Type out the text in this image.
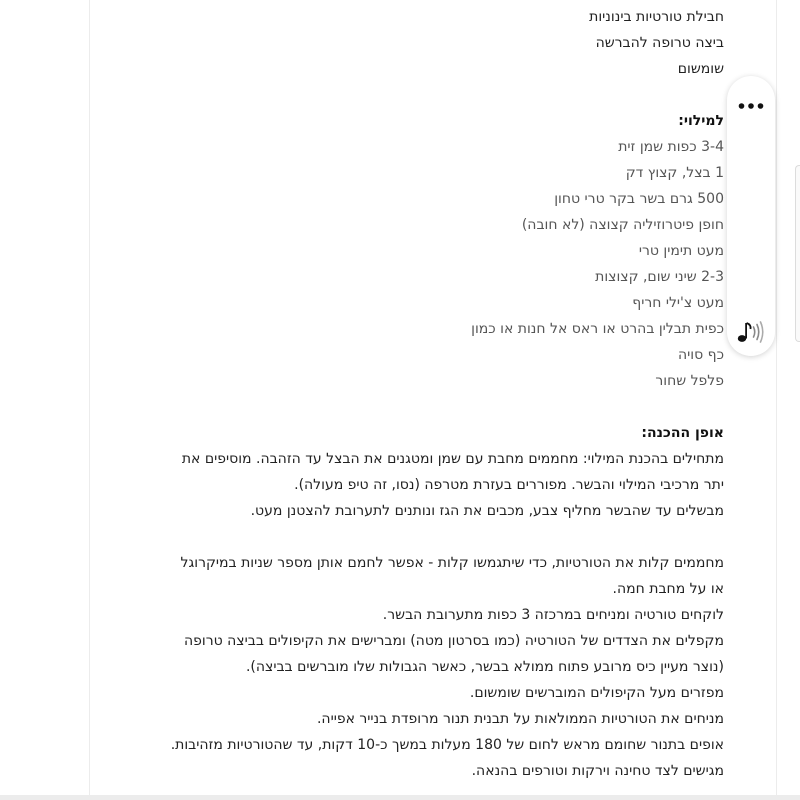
חבילת טורטיות בינוניות
ביצה טרופה להברשה
שומשום
למילוי:
3-4 כפות שמן זית
1 בצל, קצוץ דק
500 גרם בשר בקר טרי טחון
חופן פיטרוזיליה קצוצה (לא חובה)
מעט תימין טרי
2-3 שיני שום, קצוצות
מעט צ'ילי חריף
כפית תבלין בהרט או ראס אל חנות או כמון
כף סויה
פלפל שחור
אופן ההכנה:
מתחילים בהכנת המילוי: מחממים מחבת עם שמן ומטגנים את הבצל עד הזהבה. מוסיפים את
יתר מרכיבי המילוי והבשר. מפוררים בעזרת מטרפה (נסו, זה טיפ מעולה).
מבשלים עד שהבשר מחליף צבע, מכבים את הגז ונותנים לתערובת להצטנן מעט.
מחממים קלות את הטורטיות, כדי שיתגמשו קלות - אפשר לחמם אותן מספר שניות במיקרוגל
או על מחבת חמה.
לוקחים טורטיה ומניחים במרכזה 3 כפות מתערובת הבשר.
מקפלים את הצדדים של הטורטיה (כמו בסרטון מטה) ומברישים את הקיפולים בביצה טרופה
(נוצר מעיין כיס מרובע פתוח ממולא בבשר, כאשר הגבולות שלו מוברשים בביצה).
מפזרים מעל הקיפולים המוברשים שומשום.
מניחים את הטורטיות הממולאות על תבנית תנור מרופדת בנייר אפייה.
אופים בתנור שחומם מראש לחום של 180 מעלות במשך כ-10 דקות, עד שהטורטיות מזהיבות.
מגישים לצד טחינה וירקות וטורפים בהנאה.
